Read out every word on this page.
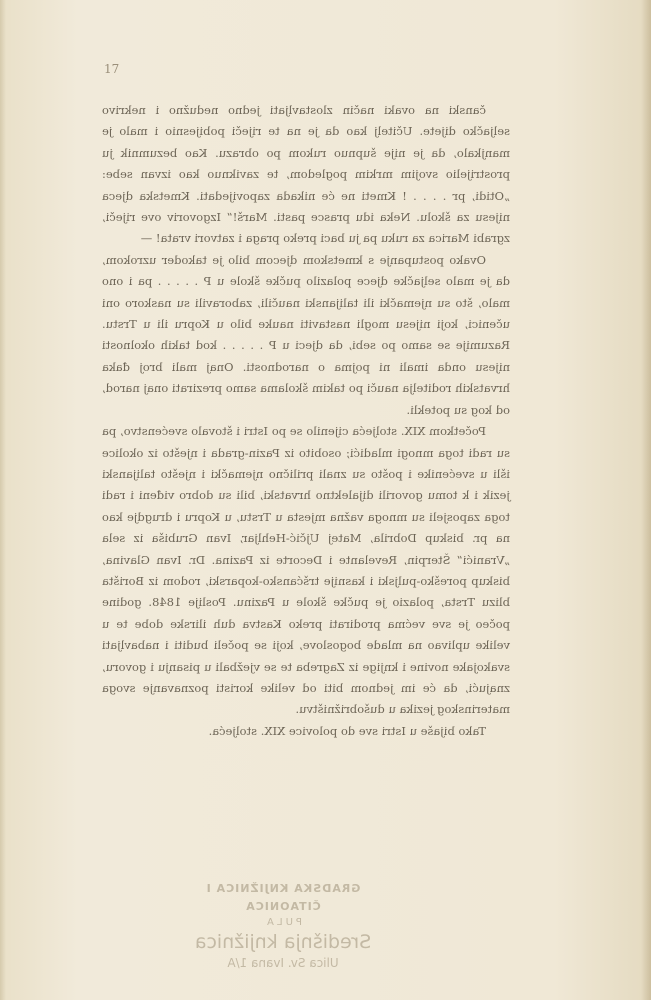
17

čanski na ovaki način zlostavljati jedno nedužno i nekrivo seljačko dijete. Učitelj kao da je na te riječi pobijesnio i malo je manjkalo, da je nije šupnuo rukom po obrazu. Kao bezumnik ju prostrijelio svojim mrkim pogledom, te zaviknuo kao izvan sebe: „Otidi, pr . . . . ! Kmeti ne će nikada zapovijedati. Kmetska djeca nijesu za školu. Neka idu prasce pasti. Marš!“ Izgovoriv ove riječi, zgrabi Marica za ruku pa ju baci preko praga i zatvori vrata! —

Ovako postupanje s kmetskom djecom bilo je takoder uzrokom, da je malo seljačke djece polazilo pučke škole u P . . . . . pa i ono malo, što su njemački ili talijanski naučili, zaboravili su naskoro oni učenici, koji nijesu mogli nastaviti nauke bilo u Kopru ili u Trstu. Razumije se samo po sebi, da djeci u P . . . . . kod takih okolnosti nijesu onda imali ni pojma o narodnosti. Onaj mali broj đaka hrvatskih roditelja nauči po takim školama samo prezirati onaj narod, od kog su potekli.

Početkom XIX. stoljeća cijenilo se po Istri i štovalo svećenstvo, pa su radi toga mnogi mladići; osobito iz Pazin-grada i nješto iz okolice išli u svećenike i pošto su znali prilično njemački i nješto talijanski jezik i k tomu govorili dijalektno hrvatski, bili su dobro viđeni i radi toga zaposjeli su mnoga važna mjesta u Trstu, u Kopru i drugdje kao na pr. biskup Dobrila, Matej Ujčić-Hehljar, Ivan Grubiša iz sela „Vranići“ Šterpin, Revelante i Decorte iz Pazina. Dr. Ivan Glavina, biskup poreško-puljski i kasnije tršćansko-koparski, rodom iz Borišta blizu Trsta, polazio je pučke škole u Pazinu. Poslije 1848. godine počeo je sve većma prodirati preko Kastva duh ilirske dobe te u velike uplivao na mlade bogoslove, koji se počeli buditi i nabavljati svakojake novine i knjige iz Zagreba te se vježbali u pisanju i govoru, znajući, da će im jednom biti od velike koristi poznavanje svoga materinskog jezika u dušobrižništvu.

Tako bijaše u Istri sve do polovice XIX. stoljeća.

GRADSKA KNJIŽNICA I ČITAONICA
PULA
Središnja knjižnica
Ulica Sv. Ivana 1/A
